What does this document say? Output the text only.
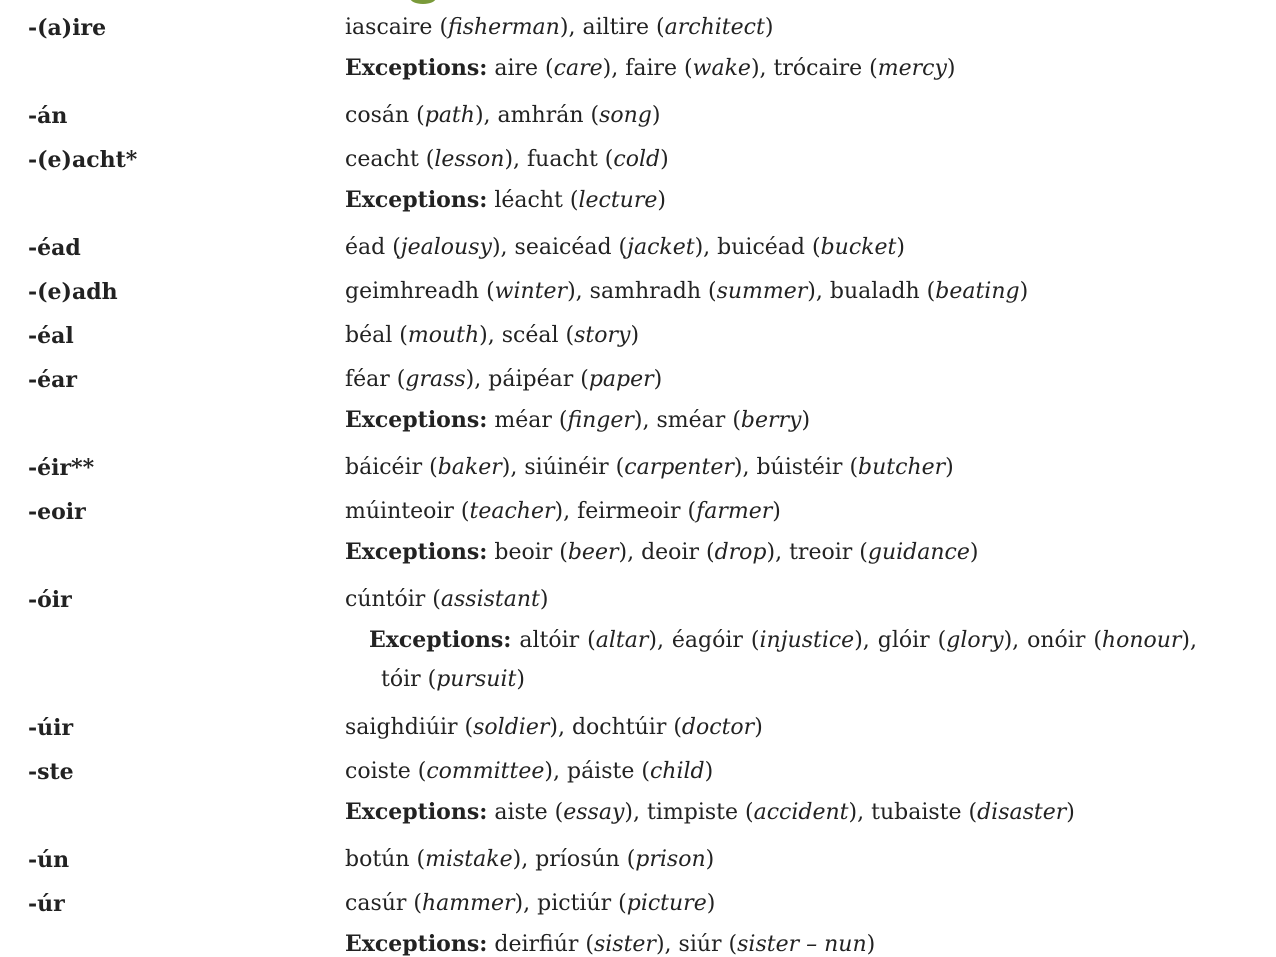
-(a)ire	iascaire (fisherman), ailtire (architect)
Exceptions: aire (care), faire (wake), trócaire (mercy)
-án	cosán (path), amhrán (song)
-(e)acht*	ceacht (lesson), fuacht (cold)
Exceptions: léacht (lecture)
-éad	éad (jealousy), seaicéad (jacket), buicéad (bucket)
-(e)adh	geimhreadh (winter), samhradh (summer), bualadh (beating)
-éal	béal (mouth), scéal (story)
-éar	féar (grass), páipéar (paper)
Exceptions: méar (finger), sméar (berry)
-éir**	báicéir (baker), siúinéir (carpenter), búistéir (butcher)
-eoir	múinteoir (teacher), feirmeoir (farmer)
Exceptions: beoir (beer), deoir (drop), treoir (guidance)
-óir	cúntóir (assistant)
Exceptions: altóir (altar), éagóir (injustice), glóir (glory), onóir (honour),
tóir (pursuit)
-úir	saighdiúir (soldier), dochtúir (doctor)
-ste	coiste (committee), páiste (child)
Exceptions: aiste (essay), timpiste (accident), tubaiste (disaster)
-ún	botún (mistake), príosún (prison)
-úr	casúr (hammer), pictiúr (picture)
Exceptions: deirfiúr (sister), siúr (sister – nun)
